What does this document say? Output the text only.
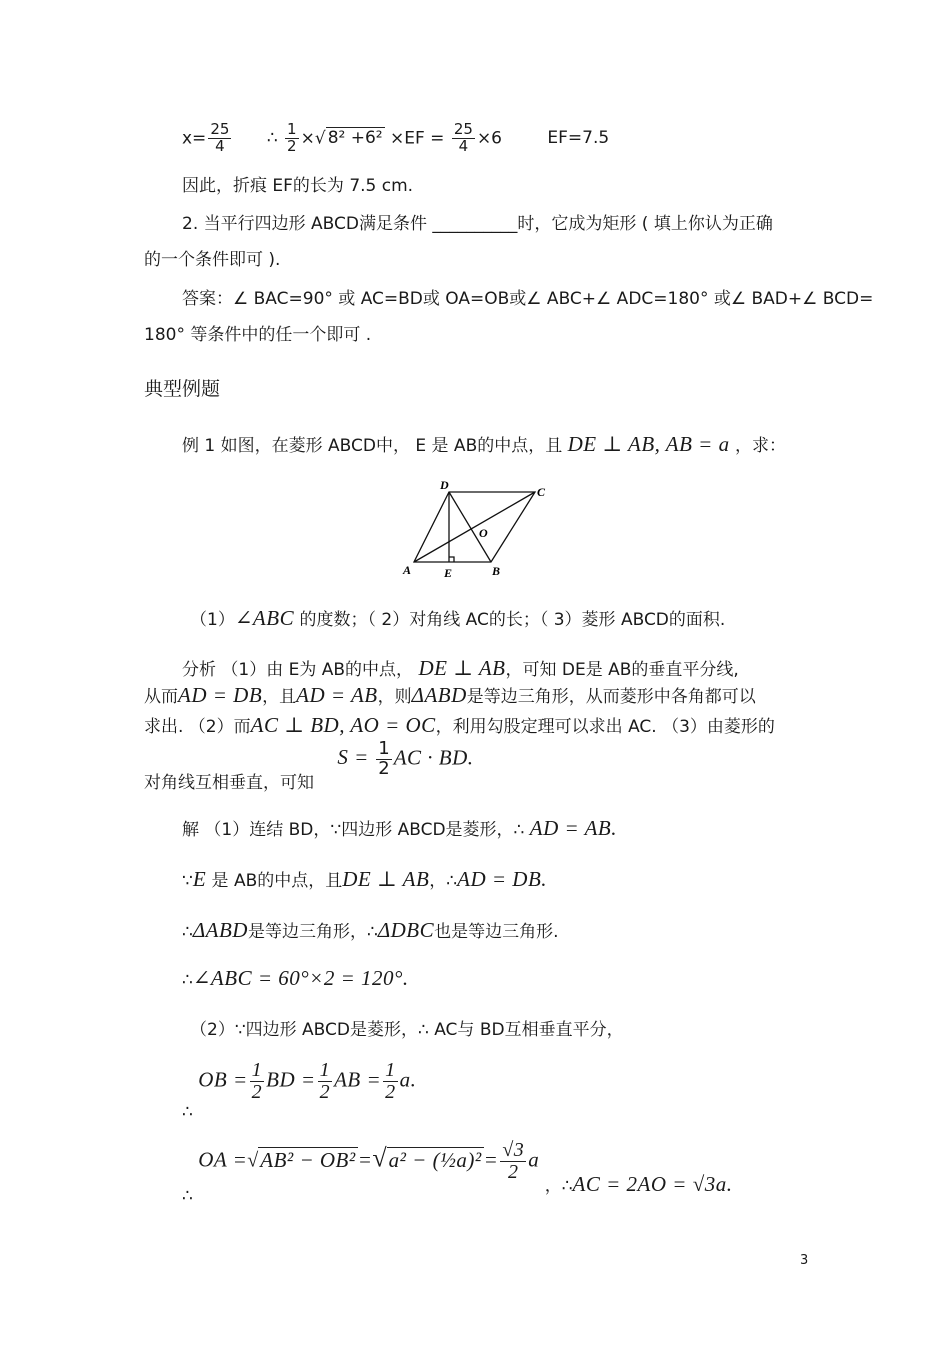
$x= \frac{25}{4}$ ∴ $\frac{1}{2}$ ×√ $8^2 +6^2 \times EF = \frac{25}{4} \times 6$	EF=7.5
因此，折痕 EF的长为 7.5 cm.
2. 当平行四边形 ABCD满足条件 __________时，它成为矩形 ( 填上你认为正确
的一个条件即可 ).
答案：∠ BAC=90° 或 AC=BD或 OA=OB或∠ ABC+∠ ADC=180° 或∠ BAD+∠ BCD=
180° 等条件中的任一个即可 .
典型例题
例 1 如图，在菱形 ABCD中， E 是 AB的中点，且 DE ⊥ AB, AB = a ，求：
A	E	B
C
D
O
（1）∠ABC 的度数；（ 2）对角线 AC的长；（ 3）菱形 ABCD的面积.
分析 （1）由 E为 AB的中点， DE ⊥ AB，可知 DE是 AB的垂直平分线,
从而AD = DB，且AD = AB，则ΔABD是等边三角形，从而菱形中各角都可以
求出. （2）而AC ⊥ BD, AO = OC，利用勾股定理可以求出 AC. （3）由菱形的
对角线互相垂直，可知 $S = \frac{1}{2}$ AC · BD.
解 （1）连结 BD，∵四边形 ABCD是菱形，∴ AD = AB.
∵E 是 AB的中点，且DE ⊥ AB，∴AD = DB.
∴ΔABD是等边三角形，∴ΔDBC也是等边三角形.
∴∠ABC = 60°×2 = 120°.
（2）∵四边形 ABCD是菱形，∴ AC与 BD互相垂直平分，
∴ OB = $\frac{1}{2}$ BD = $\frac{1}{2}$ AB = $\frac{1}{2} a$.
∴ OA =√AB² − OB²=√a² − (½a)²= $\frac{√3}{2}$ a ，∴AC = 2AO = √3a.
3
